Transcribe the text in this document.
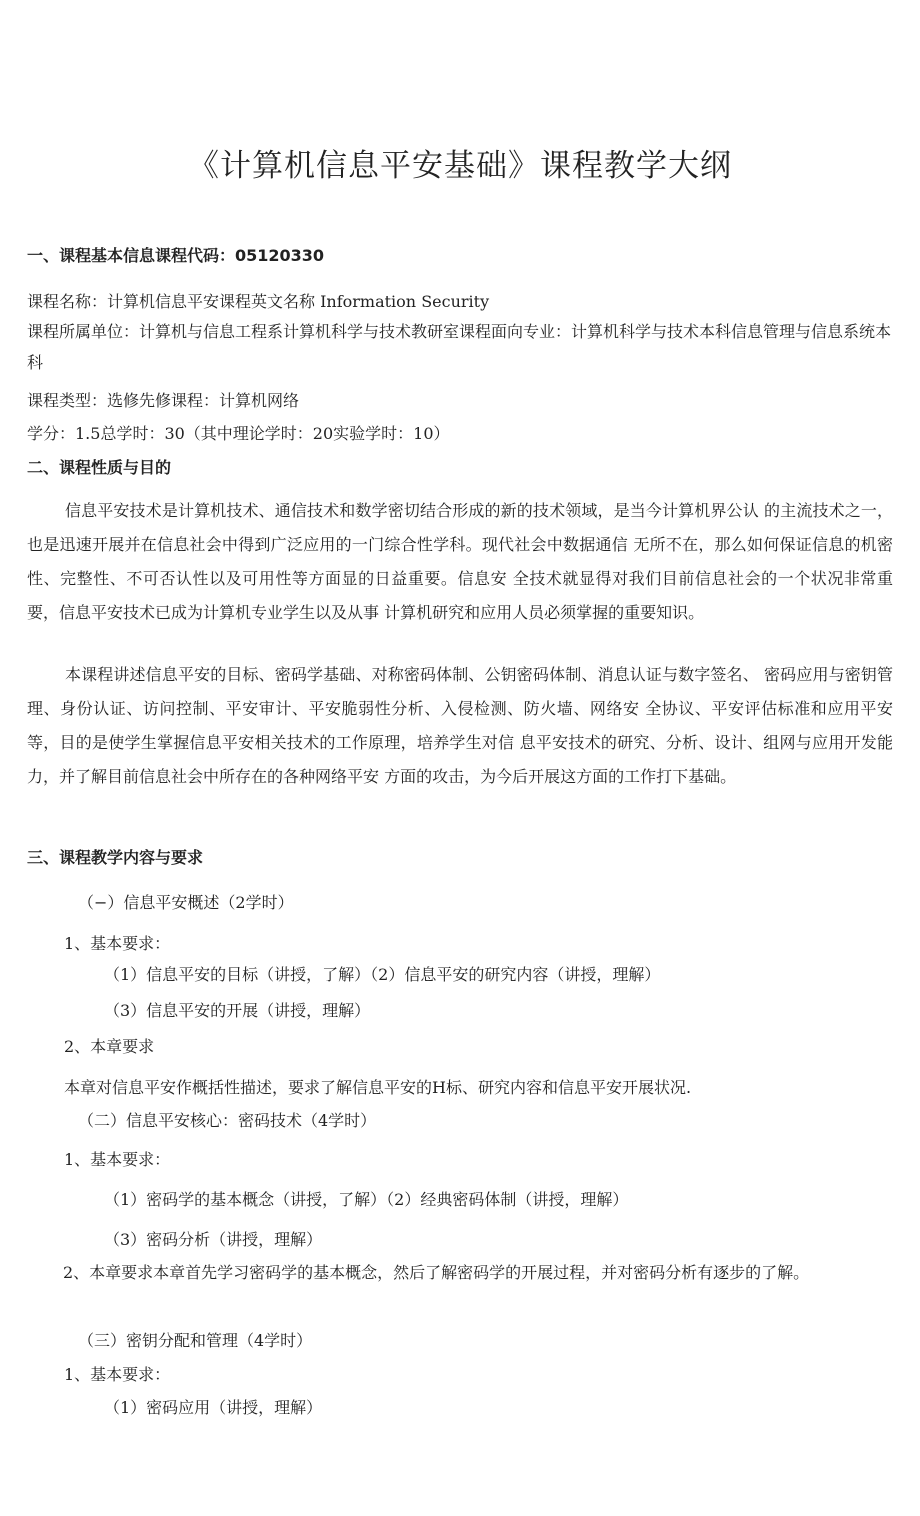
《计算机信息平安基础》课程教学大纲

一、课程基本信息课程代码：05120330

课程名称：计算机信息平安课程英文名称 Information Security

课程所属单位：计算机与信息工程系计算机科学与技术教研室课程面向专业：计算机科学与技术本科信息管理与信息系统本科

课程类型：选修先修课程：计算机网络

学分：1.5总学时：30（其中理论学时：20实验学时：10）

二、课程性质与目的

信息平安技术是计算机技术、通信技术和数学密切结合形成的新的技术领域，是当今计算机界公认 的主流技术之一，也是迅速开展并在信息社会中得到广泛应用的一门综合性学科。现代社会中数据通信 无所不在，那么如何保证信息的机密性、完整性、不可否认性以及可用性等方面显的日益重要。信息安 全技术就显得对我们目前信息社会的一个状况非常重要，信息平安技术已成为计算机专业学生以及从事 计算机研究和应用人员必须掌握的重要知识。

本课程讲述信息平安的目标、密码学基础、对称密码体制、公钥密码体制、消息认证与数字签名、 密码应用与密钥管理、身份认证、访问控制、平安审计、平安脆弱性分析、入侵检测、防火墙、网络安 全协议、平安评估标准和应用平安等，目的是使学生掌握信息平安相关技术的工作原理，培养学生对信 息平安技术的研究、分析、设计、组网与应用开发能力，并了解目前信息社会中所存在的各种网络平安 方面的攻击，为今后开展这方面的工作打下基础。

三、课程教学内容与要求

（−）信息平安概述（2学时）

1、基本要求：

（1）信息平安的目标（讲授，了解）（2）信息平安的研究内容（讲授，理解）

（3）信息平安的开展（讲授，理解）

2、本章要求

本章对信息平安作概括性描述，要求了解信息平安的H标、研究内容和信息平安开展状况.

（二）信息平安核心：密码技术（4学时）

1、基本要求：

（1）密码学的基本概念（讲授，了解）（2）经典密码体制（讲授，理解）

（3）密码分析（讲授，理解）

2、本章要求本章首先学习密码学的基本概念，然后了解密码学的开展过程，并对密码分析有逐步的了解。

（三）密钥分配和管理（4学时）

1、基本要求：

（1）密码应用（讲授，理解）
